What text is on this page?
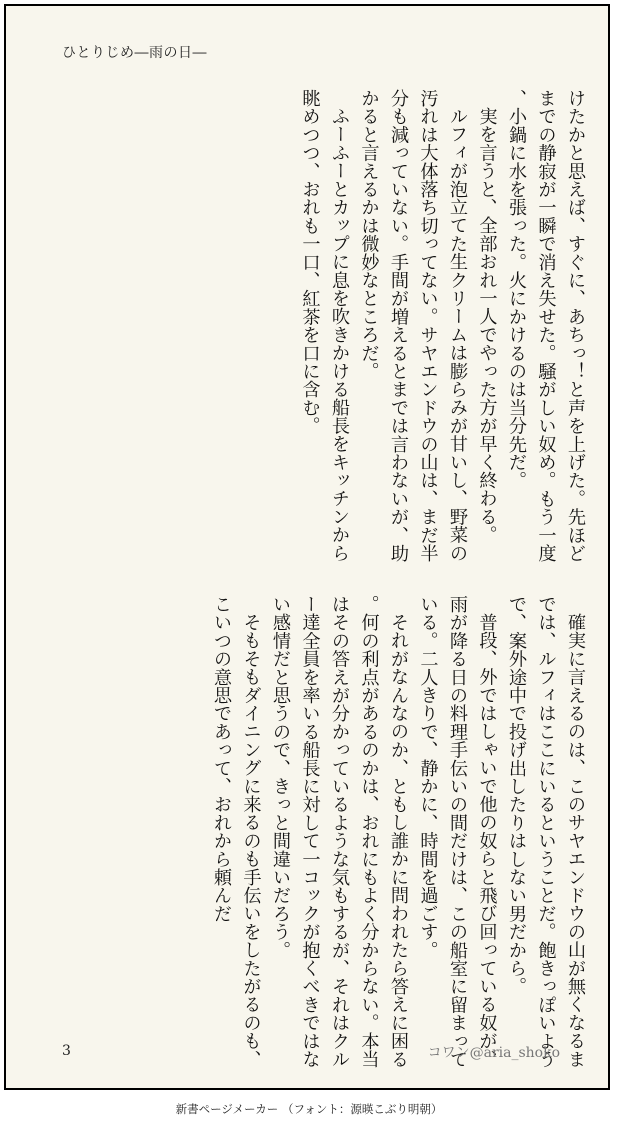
ひとりじめ―雨の日―

けたかと思えば、すぐに、あちっ！と声を上げた。先ほどまでの静寂が一瞬で消え失せた。騒がしい奴め。もう一度、小鍋に水を張った。火にかけるのは当分先だ。

実を言うと、全部おれ一人でやった方が早く終わる。

ルフィが泡立てた生クリームは膨らみが甘いし、野菜の汚れは大体落ち切ってない。サヤエンドウの山は、まだ半分も減っていない。手間が増えるとまでは言わないが、助かると言えるかは微妙なところだ。

ふーふーとカップに息を吹きかける船長をキッチンから眺めつつ、おれも一口、紅茶を口に含む。

確実に言えるのは、このサヤエンドウの山が無くなるまでは、ルフィはここにいるということだ。飽きっぽいようで、案外途中で投げ出したりはしない男だから。

普段、外ではしゃいで他の奴らと飛び回っている奴が、雨が降る日の料理手伝いの間だけは、この船室に留まっている。二人きりで、静かに、時間を過ごす。

それがなんなのか、ともし誰かに問われたら答えに困る。何の利点があるのかは、おれにもよく分からない。本当はその答えが分かっているような気もするが、それはクルー達全員を率いる船長に対して一コックが抱くべきではない感情だと思うので、きっと間違いだろう。

そもそもダイニングに来るのも手伝いをしたがるのも、こいつの意思であって、おれから頼んだ

3	コワン@aria_shoko
新書ページメーカー （フォント：源暎こぶり明朝）
